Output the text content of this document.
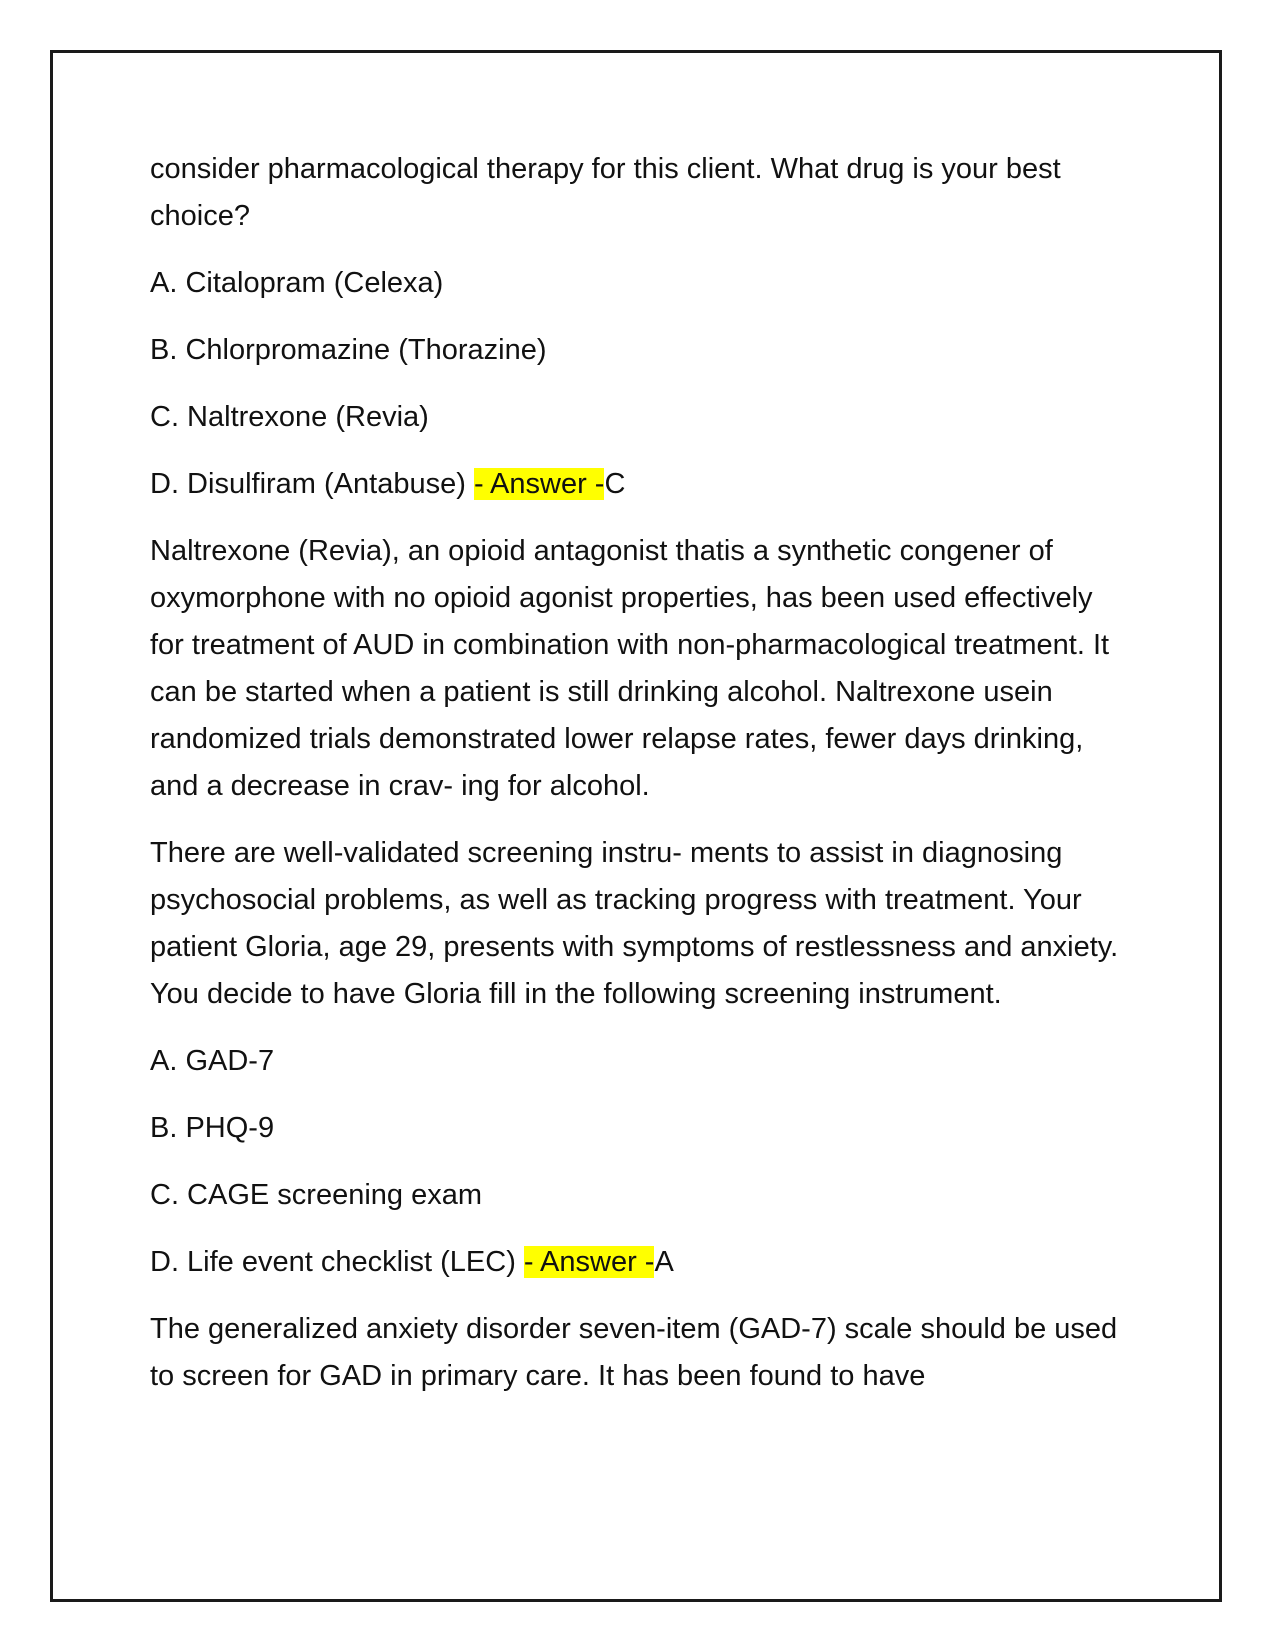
consider pharmacological therapy for this client. What drug is your best choice?

A. Citalopram (Celexa)

B. Chlorpromazine (Thorazine)

C. Naltrexone (Revia)

D. Disulfiram (Antabuse) - Answer -C

Naltrexone (Revia), an opioid antagonist thatis a synthetic congener of oxymorphone with no opioid agonist properties, has been used effectively for treatment of AUD in combination with non-pharmacological treatment. It can be started when a patient is still drinking alcohol. Naltrexone usein randomized trials demonstrated lower relapse rates, fewer days drinking, and a decrease in crav- ing for alcohol.

There are well-validated screening instru- ments to assist in diagnosing psychosocial problems, as well as tracking progress with treatment. Your patient Gloria, age 29, presents with symptoms of restlessness and anxiety. You decide to have Gloria fill in the following screening instrument.

A. GAD-7

B. PHQ-9

C. CAGE screening exam

D. Life event checklist (LEC) - Answer -A

The generalized anxiety disorder seven-item (GAD-7) scale should be used to screen for GAD in primary care. It has been found to have
